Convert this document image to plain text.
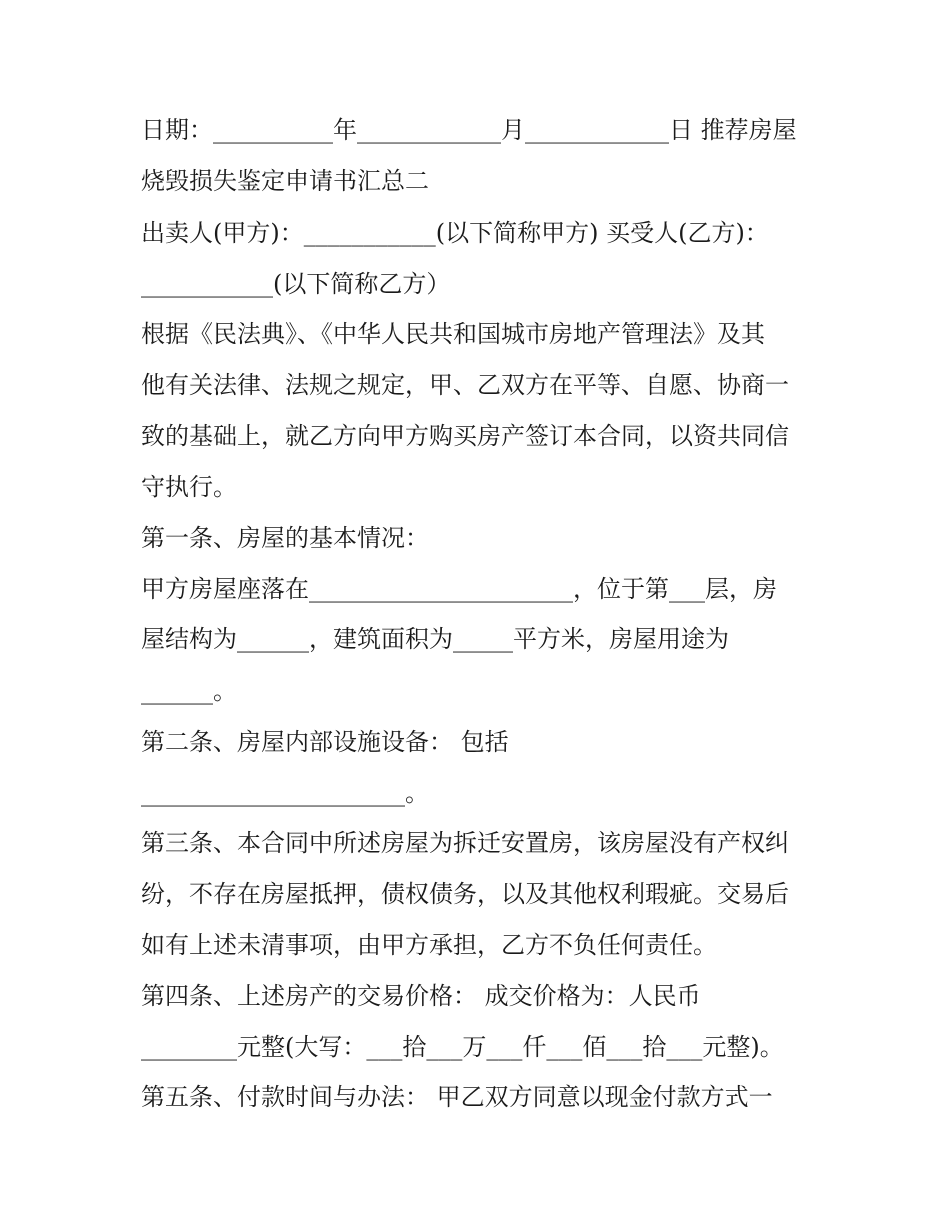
日期：__________年____________月____________日 推荐房屋

烧毁损失鉴定申请书汇总二

出卖人(甲方)：___________(以下简称甲方) 买受人(乙方)：

___________(以下简称乙方）

根据《民法典》、《中华人民共和国城市房地产管理法》及其

他有关法律、法规之规定，甲、乙双方在平等、自愿、协商一

致的基础上，就乙方向甲方购买房产签订本合同，以资共同信

守执行。

第一条、房屋的基本情况：

甲方房屋座落在______________________，位于第___层，房

屋结构为______，建筑面积为_____平方米，房屋用途为

______。

第二条、房屋内部设施设备： 包括

______________________。

第三条、本合同中所述房屋为拆迁安置房，该房屋没有产权纠

纷，不存在房屋抵押，债权债务，以及其他权利瑕疵。交易后

如有上述未清事项，由甲方承担，乙方不负任何责任。

第四条、上述房产的交易价格： 成交价格为：人民币

________元整(大写：___拾___万___仟___佰___拾___元整)。

第五条、付款时间与办法： 甲乙双方同意以现金付款方式一
